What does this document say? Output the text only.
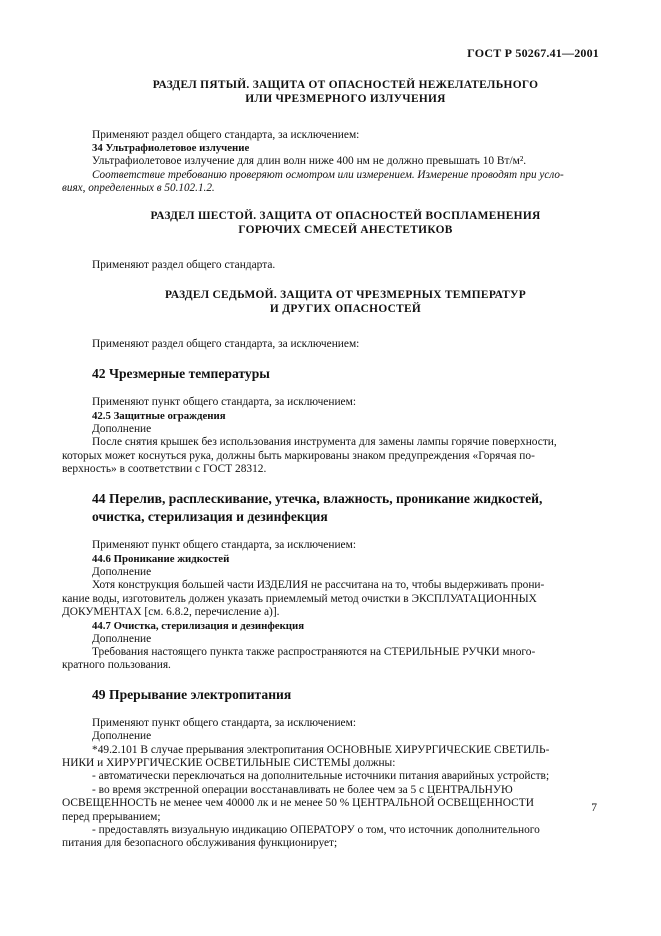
ГОСТ Р 50267.41—2001

РАЗДЕЛ ПЯТЫЙ. ЗАЩИТА ОТ ОПАСНОСТЕЙ НЕЖЕЛАТЕЛЬНОГО

ИЛИ ЧРЕЗМЕРНОГО ИЗЛУЧЕНИЯ

Применяют раздел общего стандарта, за исключением:

34 Ультрафиолетовое излучение

Ультрафиолетовое излучение для длин волн ниже 400 нм не должно превышать 10 Вт/м².

Соответствие требованию проверяют осмотром или измерением. Измерение проводят при усло-

виях, определенных в 50.102.1.2.

РАЗДЕЛ ШЕСТОЙ. ЗАЩИТА ОТ ОПАСНОСТЕЙ ВОСПЛАМЕНЕНИЯ

ГОРЮЧИХ СМЕСЕЙ АНЕСТЕТИКОВ

Применяют раздел общего стандарта.

РАЗДЕЛ СЕДЬМОЙ. ЗАЩИТА ОТ ЧРЕЗМЕРНЫХ ТЕМПЕРАТУР

И ДРУГИХ ОПАСНОСТЕЙ

Применяют раздел общего стандарта, за исключением:

42 Чрезмерные температуры

Применяют пункт общего стандарта, за исключением:

42.5 Защитные ограждения

Дополнение

После снятия крышек без использования инструмента для замены лампы горячие поверхности,

которых может коснуться рука, должны быть маркированы знаком предупреждения «Горячая по-

верхность» в соответствии с ГОСТ 28312.

44 Перелив, расплескивание, утечка, влажность, проникание жидкостей,

очистка, стерилизация и дезинфекция

Применяют пункт общего стандарта, за исключением:

44.6 Проникание жидкостей

Дополнение

Хотя конструкция большей части ИЗДЕЛИЯ не рассчитана на то, чтобы выдерживать прони-

кание воды, изготовитель должен указать приемлемый метод очистки в ЭКСПЛУАТАЦИОННЫХ

ДОКУМЕНТАХ [см. 6.8.2, перечисление а)].

44.7 Очистка, стерилизация и дезинфекция

Дополнение

Требования настоящего пункта также распространяются на СТЕРИЛЬНЫЕ РУЧКИ много-

кратного пользования.

49 Прерывание электропитания

Применяют пункт общего стандарта, за исключением:

Дополнение

*49.2.101 В случае прерывания электропитания ОСНОВНЫЕ ХИРУРГИЧЕСКИЕ СВЕТИЛЬ-

НИКИ и ХИРУРГИЧЕСКИЕ ОСВЕТИЛЬНЫЕ СИСТЕМЫ должны:

- автоматически переключаться на дополнительные источники питания аварийных устройств;

- во время экстренной операции восстанавливать не более чем за 5 с ЦЕНТРАЛЬНУЮ

ОСВЕЩЕННОСТЬ не менее чем 40000 лк и не менее 50 % ЦЕНТРАЛЬНОЙ ОСВЕЩЕННОСТИ

перед прерыванием;

- предоставлять визуальную индикацию ОПЕРАТОРУ о том, что источник дополнительного

питания для безопасного обслуживания функционирует;

7
